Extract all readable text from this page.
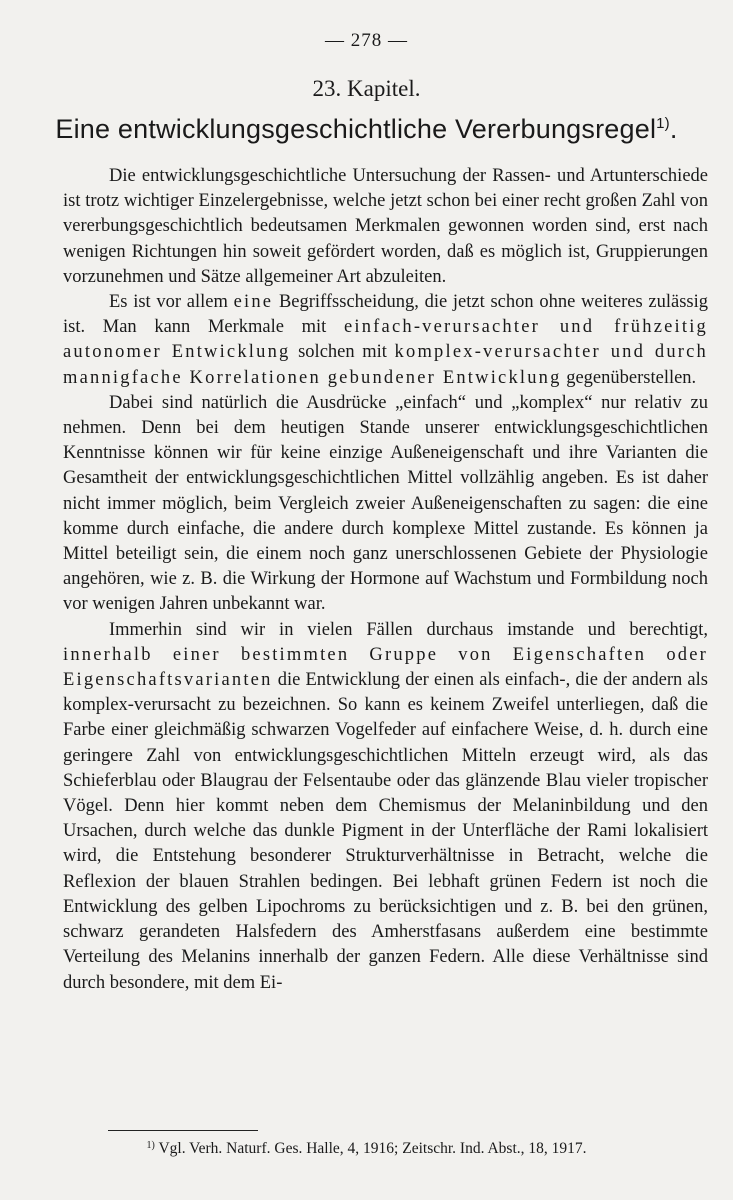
— 278 —
23. Kapitel.
Eine entwicklungsgeschichtliche Vererbungsregel$^{1)}$.

Die entwicklungsgeschichtliche Untersuchung der Rassen- und Artunterschiede ist trotz wichtiger Einzelergebnisse, welche jetzt schon bei einer recht großen Zahl von vererbungsgeschichtlich bedeutsamen Merkmalen gewonnen worden sind, erst nach wenigen Richtungen hin soweit gefördert worden, daß es möglich ist, Gruppierungen vorzunehmen und Sätze allgemeiner Art abzuleiten.

Es ist vor allem eine Begriffsscheidung, die jetzt schon ohne weiteres zulässig ist. Man kann Merkmale mit einfach-verursachter und frühzeitig autonomer Entwicklung solchen mit komplex-verursachter und durch mannigfache Korrelationen gebundener Entwicklung gegenüberstellen.

Dabei sind natürlich die Ausdrücke „einfach“ und „komplex“ nur relativ zu nehmen. Denn bei dem heutigen Stande unserer entwicklungsgeschichtlichen Kenntnisse können wir für keine einzige Außeneigenschaft und ihre Varianten die Gesamtheit der entwicklungsgeschichtlichen Mittel vollzählig angeben. Es ist daher nicht immer möglich, beim Vergleich zweier Außeneigenschaften zu sagen: die eine komme durch einfache, die andere durch komplexe Mittel zustande. Es können ja Mittel beteiligt sein, die einem noch ganz unerschlossenen Gebiete der Physiologie angehören, wie z. B. die Wirkung der Hormone auf Wachstum und Formbildung noch vor wenigen Jahren unbekannt war.

Immerhin sind wir in vielen Fällen durchaus imstande und berechtigt, innerhalb einer bestimmten Gruppe von Eigenschaften oder Eigenschaftsvarianten die Entwicklung der einen als einfach-, die der andern als komplex-verursacht zu bezeichnen. So kann es keinem Zweifel unterliegen, daß die Farbe einer gleichmäßig schwarzen Vogelfeder auf einfachere Weise, d. h. durch eine geringere Zahl von entwicklungsgeschichtlichen Mitteln erzeugt wird, als das Schieferblau oder Blaugrau der Felsentaube oder das glänzende Blau vieler tropischer Vögel. Denn hier kommt neben dem Chemismus der Melaninbildung und den Ursachen, durch welche das dunkle Pigment in der Unterfläche der Rami lokalisiert wird, die Entstehung besonderer Strukturverhältnisse in Betracht, welche die Reflexion der blauen Strahlen bedingen. Bei lebhaft grünen Federn ist noch die Entwicklung des gelben Lipochroms zu berücksichtigen und z. B. bei den grünen, schwarz gerandeten Halsfedern des Amherstfasans außerdem eine bestimmte Verteilung des Melanins innerhalb der ganzen Federn. Alle diese Verhältnisse sind durch besondere, mit dem Ei-

$^{1)}$ Vgl. Verh. Naturf. Ges. Halle, 4, 1916; Zeitschr. Ind. Abst., 18, 1917.
